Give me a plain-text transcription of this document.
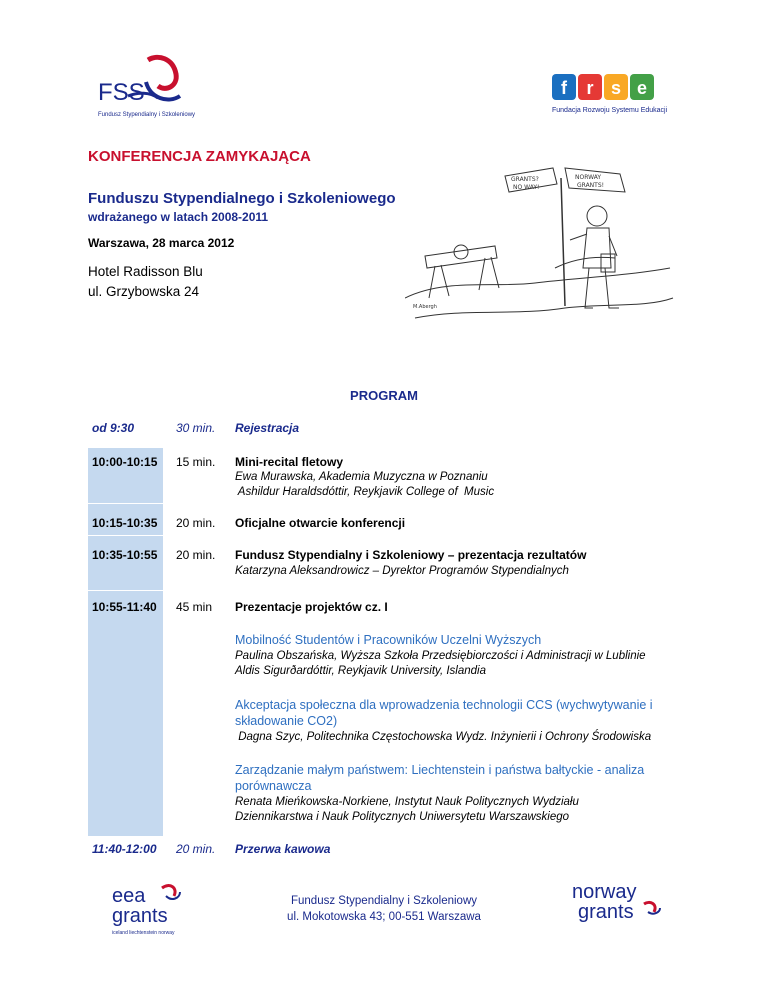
FSS
Fundusz Stypendialny i Szkoleniowy
f r s e
Fundacja Rozwoju Systemu Edukacji
KONFERENCJA ZAMYKAJĄCA
Funduszu Stypendialnego i Szkoleniowego
wdrażanego w latach 2008-2011
Warszawa, 28 marca 2012
Hotel Radisson Blu
ul. Grzybowska 24
GRANTS?
NO WAY!
NORWAY
GRANTS!
M.Abergh
PROGRAM
od 9:30	30 min. Rejestracja
10:00-10:15 15 min. Mini-recital fletowy
Ewa Murawska, Akademia Muzyczna w Poznaniu
Ashildur Haraldsdóttir, Reykjavik College of  Music
10:15-10:35 20 min. Oficjalne otwarcie konferencji
10:35-10:55 20 min. Fundusz Stypendialny i Szkoleniowy – prezentacja rezultatów
Katarzyna Aleksandrowicz – Dyrektor Programów Stypendialnych
10:55-11:40 45 min Prezentacje projektów cz. I
Mobilność Studentów i Pracowników Uczelni Wyższych
Paulina Obszańska, Wyższa Szkoła Przedsiębiorczości i Administracji w Lublinie
Aldis Sigurðardóttir, Reykjavik University, Islandia
Akceptacja społeczna dla wprowadzenia technologii CCS (wychwytywanie i
składowanie CO2)
Dagna Szyc, Politechnika Częstochowska Wydz. Inżynierii i Ochrony Środowiska
Zarządzanie małym państwem: Liechtenstein i państwa bałtyckie - analiza
porównawcza
Renata Mieńkowska-Norkiene, Instytut Nauk Politycznych Wydziału
Dziennikarstwa i Nauk Politycznych Uniwersytetu Warszawskiego
11:40-12:00 20 min. Przerwa kawowa
eea
grants
iceland liechtenstein norway
Fundusz Stypendialny i Szkoleniowy
ul. Mokotowska 43; 00-551 Warszawa
norway
grants
